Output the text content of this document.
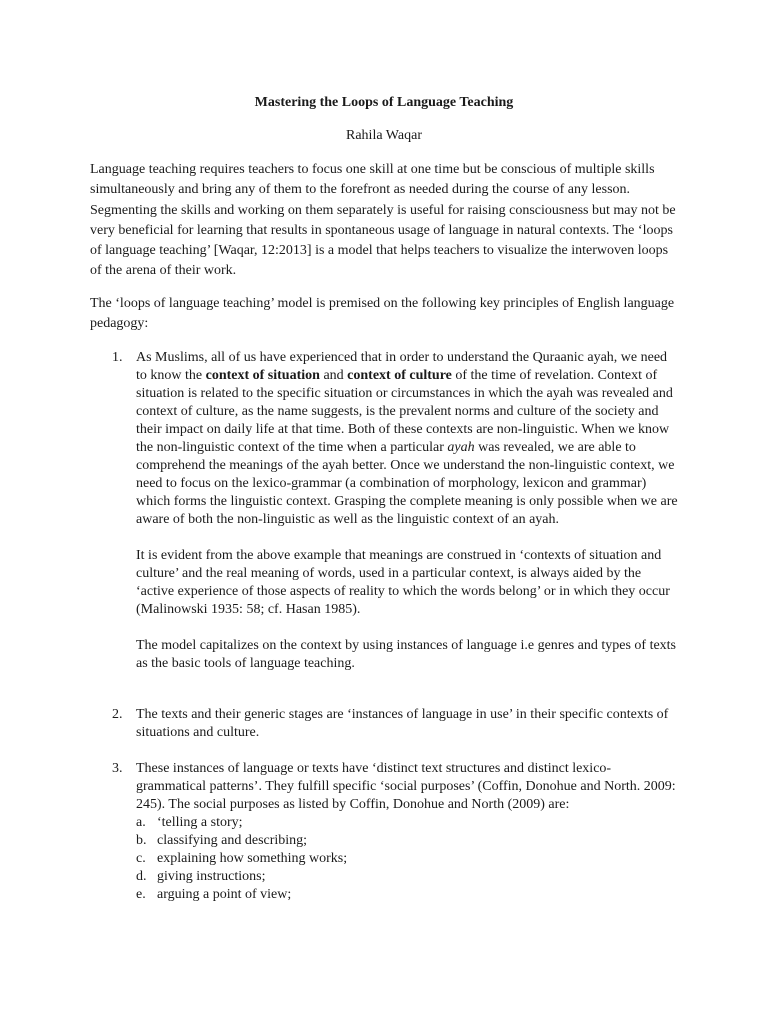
Mastering the Loops of Language Teaching
Rahila Waqar

Language teaching requires teachers to focus one skill at one time but be conscious of multiple skills simultaneously and bring any of them to the forefront as needed during the course of any lesson. Segmenting the skills and working on them separately is useful for raising consciousness but may not be very beneficial for learning that results in spontaneous usage of language in natural contexts. The ‘loops of language teaching’ [Waqar, 12:2013] is a model that helps teachers to visualize the interwoven loops of the arena of their work.

The ‘loops of language teaching’ model is premised on the following key principles of English language pedagogy:

1. As Muslims, all of us have experienced that in order to understand the Quraanic ayah, we need to know the context of situation and context of culture of the time of revelation. Context of situation is related to the specific situation or circumstances in which the ayah was revealed and context of culture, as the name suggests, is the prevalent norms and culture of the society and their impact on daily life at that time. Both of these contexts are non-linguistic. When we know the non-linguistic context of the time when a particular ayah was revealed, we are able to comprehend the meanings of the ayah better. Once we understand the non-linguistic context, we need to focus on the lexico-grammar (a combination of morphology, lexicon and grammar) which forms the linguistic context. Grasping the complete meaning is only possible when we are aware of both the non-linguistic as well as the linguistic context of an ayah.

It is evident from the above example that meanings are construed in ‘contexts of situation and culture’ and the real meaning of words, used in a particular context, is always aided by the ‘active experience of those aspects of reality to which the words belong’ or in which they occur (Malinowski 1935: 58; cf. Hasan 1985).

The model capitalizes on the context by using instances of language i.e genres and types of texts as the basic tools of language teaching.

2. The texts and their generic stages are ‘instances of language in use’ in their specific contexts of situations and culture.

3. These instances of language or texts have ‘distinct text structures and distinct lexico-grammatical patterns’. They fulfill specific ‘social purposes’ (Coffin, Donohue and North. 2009: 245). The social purposes as listed by Coffin, Donohue and North (2009) are:

a. ‘telling a story;
b. classifying and describing;
c. explaining how something works;
d. giving instructions;
e. arguing a point of view;
